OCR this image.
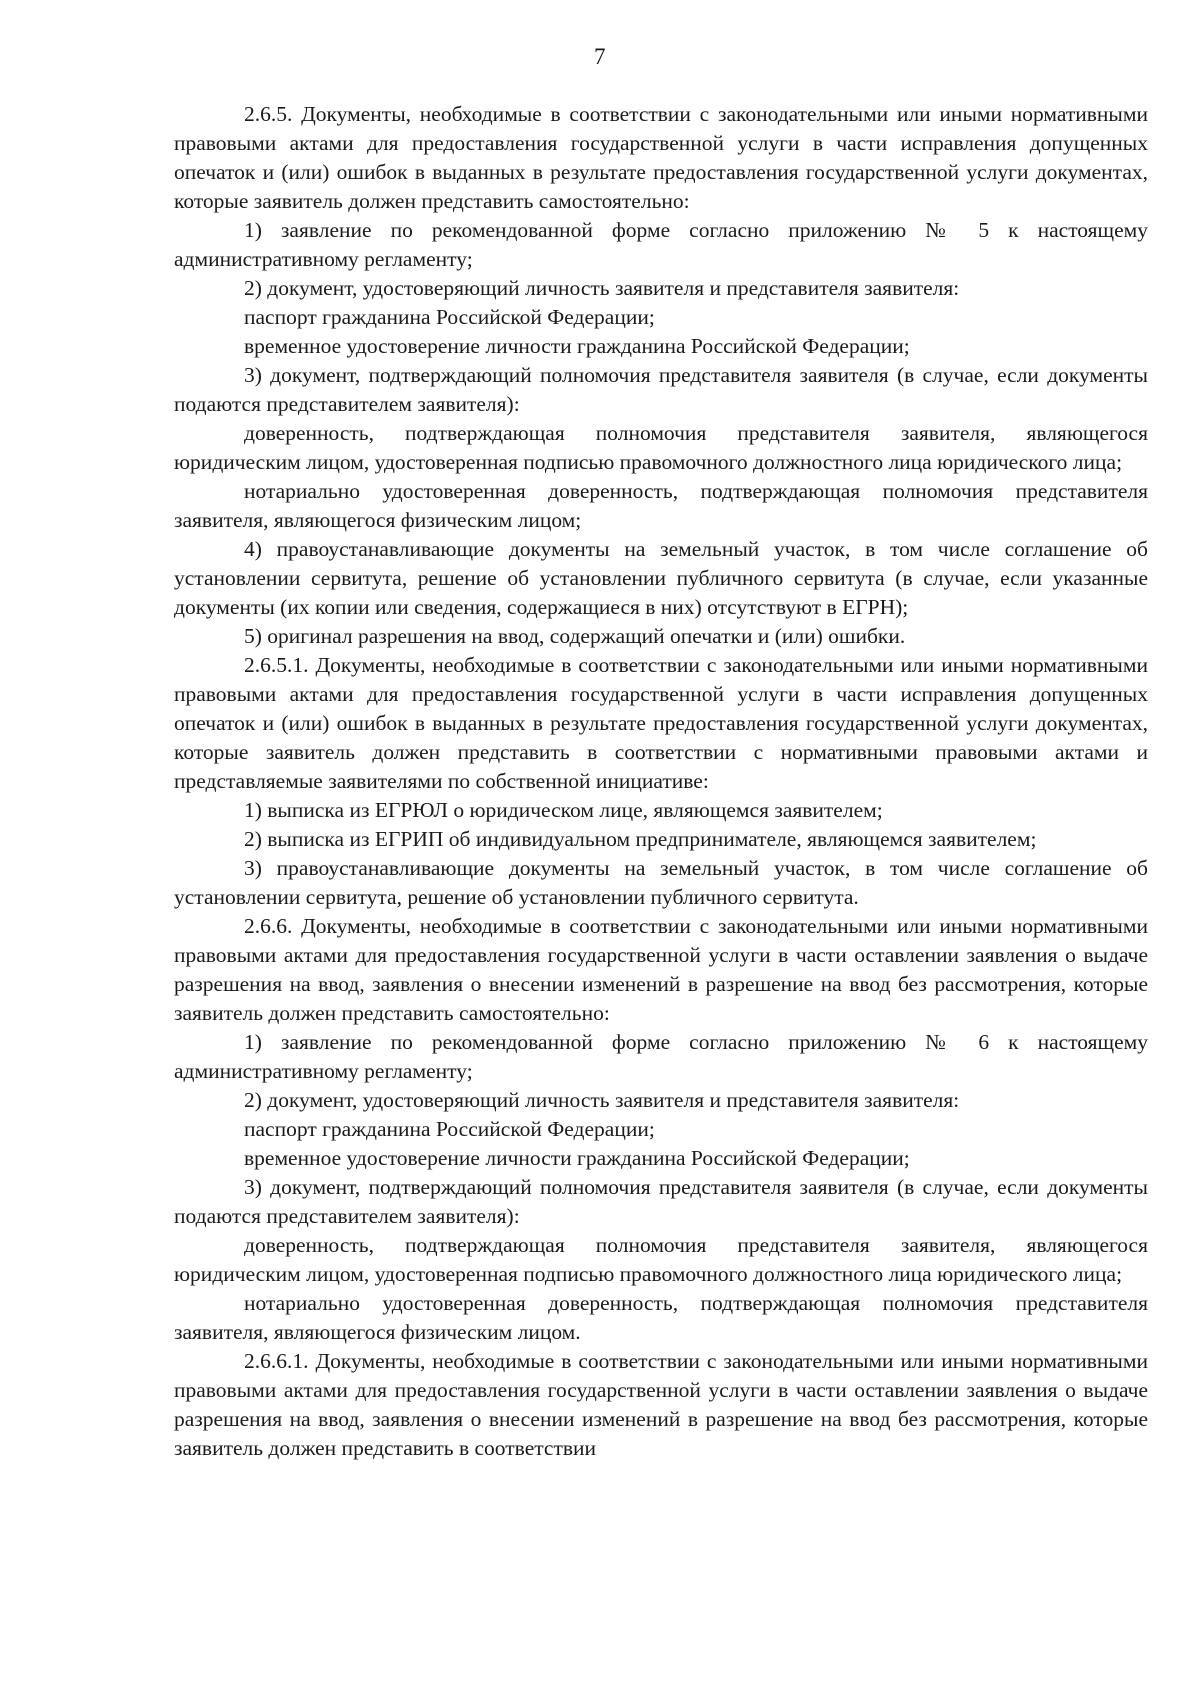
7

2.6.5. Документы, необходимые в соответствии с законодательными или иными нормативными правовыми актами для предоставления государственной услуги в части исправления допущенных опечаток и (или) ошибок в выданных в результате предоставления государственной услуги документах, которые заявитель должен представить самостоятельно:

1) заявление по рекомендованной форме согласно приложению № 5 к настоящему административному регламенту;

2) документ, удостоверяющий личность заявителя и представителя заявителя:

паспорт гражданина Российской Федерации;

временное удостоверение личности гражданина Российской Федерации;

3) документ, подтверждающий полномочия представителя заявителя (в случае, если документы подаются представителем заявителя):

доверенность, подтверждающая полномочия представителя заявителя, являющегося юридическим лицом, удостоверенная подписью правомочного должностного лица юридического лица;

нотариально удостоверенная доверенность, подтверждающая полномочия представителя заявителя, являющегося физическим лицом;

4) правоустанавливающие документы на земельный участок, в том числе соглашение об установлении сервитута, решение об установлении публичного сервитута (в случае, если указанные документы (их копии или сведения, содержащиеся в них) отсутствуют в ЕГРН);

5) оригинал разрешения на ввод, содержащий опечатки и (или) ошибки.

2.6.5.1. Документы, необходимые в соответствии с законодательными или иными нормативными правовыми актами для предоставления государственной услуги в части исправления допущенных опечаток и (или) ошибок в выданных в результате предоставления государственной услуги документах, которые заявитель должен представить в соответствии с нормативными правовыми актами и представляемые заявителями по собственной инициативе:

1) выписка из ЕГРЮЛ о юридическом лице, являющемся заявителем;

2) выписка из ЕГРИП об индивидуальном предпринимателе, являющемся заявителем;

3) правоустанавливающие документы на земельный участок, в том числе соглашение об установлении сервитута, решение об установлении публичного сервитута.

2.6.6. Документы, необходимые в соответствии с законодательными или иными нормативными правовыми актами для предоставления государственной услуги в части оставлении заявления о выдаче разрешения на ввод, заявления о внесении изменений в разрешение на ввод без рассмотрения, которые заявитель должен представить самостоятельно:

1) заявление по рекомендованной форме согласно приложению № 6 к настоящему административному регламенту;

2) документ, удостоверяющий личность заявителя и представителя заявителя:

паспорт гражданина Российской Федерации;

временное удостоверение личности гражданина Российской Федерации;

3) документ, подтверждающий полномочия представителя заявителя (в случае, если документы подаются представителем заявителя):

доверенность, подтверждающая полномочия представителя заявителя, являющегося юридическим лицом, удостоверенная подписью правомочного должностного лица юридического лица;

нотариально удостоверенная доверенность, подтверждающая полномочия представителя заявителя, являющегося физическим лицом.

2.6.6.1. Документы, необходимые в соответствии с законодательными или иными нормативными правовыми актами для предоставления государственной услуги в части оставлении заявления о выдаче разрешения на ввод, заявления о внесении изменений в разрешение на ввод без рассмотрения, которые заявитель должен представить в соответствии
